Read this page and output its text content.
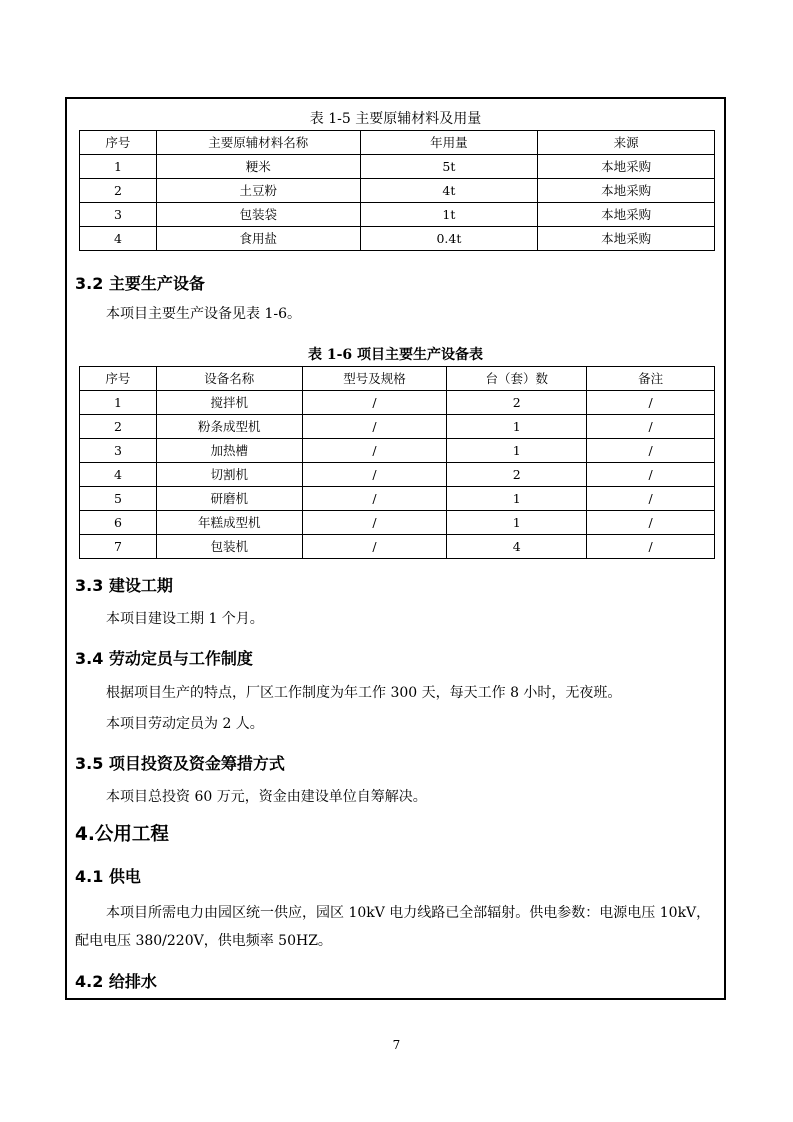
表 1-5 主要原辅材料及用量
序号	主要原辅材料名称	年用量	来源
1	粳米	5t	本地采购
2	土豆粉	4t	本地采购
3	包装袋	1t	本地采购
4	食用盐	0.4t	本地采购
3.2 主要生产设备
本项目主要生产设备见表 1-6。
表 1-6 项目主要生产设备表
序号	设备名称	型号及规格	台（套）数	备注
1	搅拌机	/	2	/
2	粉条成型机	/	1	/
3	加热槽	/	1	/
4	切割机	/	2	/
5	研磨机	/	1	/
6	年糕成型机	/	1	/
7	包装机	/	4	/
3.3 建设工期
本项目建设工期 1 个月。
3.4 劳动定员与工作制度
根据项目生产的特点，厂区工作制度为年工作 300 天，每天工作 8 小时，无夜班。
本项目劳动定员为 2 人。
3.5 项目投资及资金筹措方式
本项目总投资 60 万元，资金由建设单位自筹解决。
4.公用工程
4.1 供电
本项目所需电力由园区统一供应，园区 10kV 电力线路已全部辐射。供电参数：电源电压 10kV，配电电压 380/220V，供电频率 50HZ。
4.2 给排水
7
